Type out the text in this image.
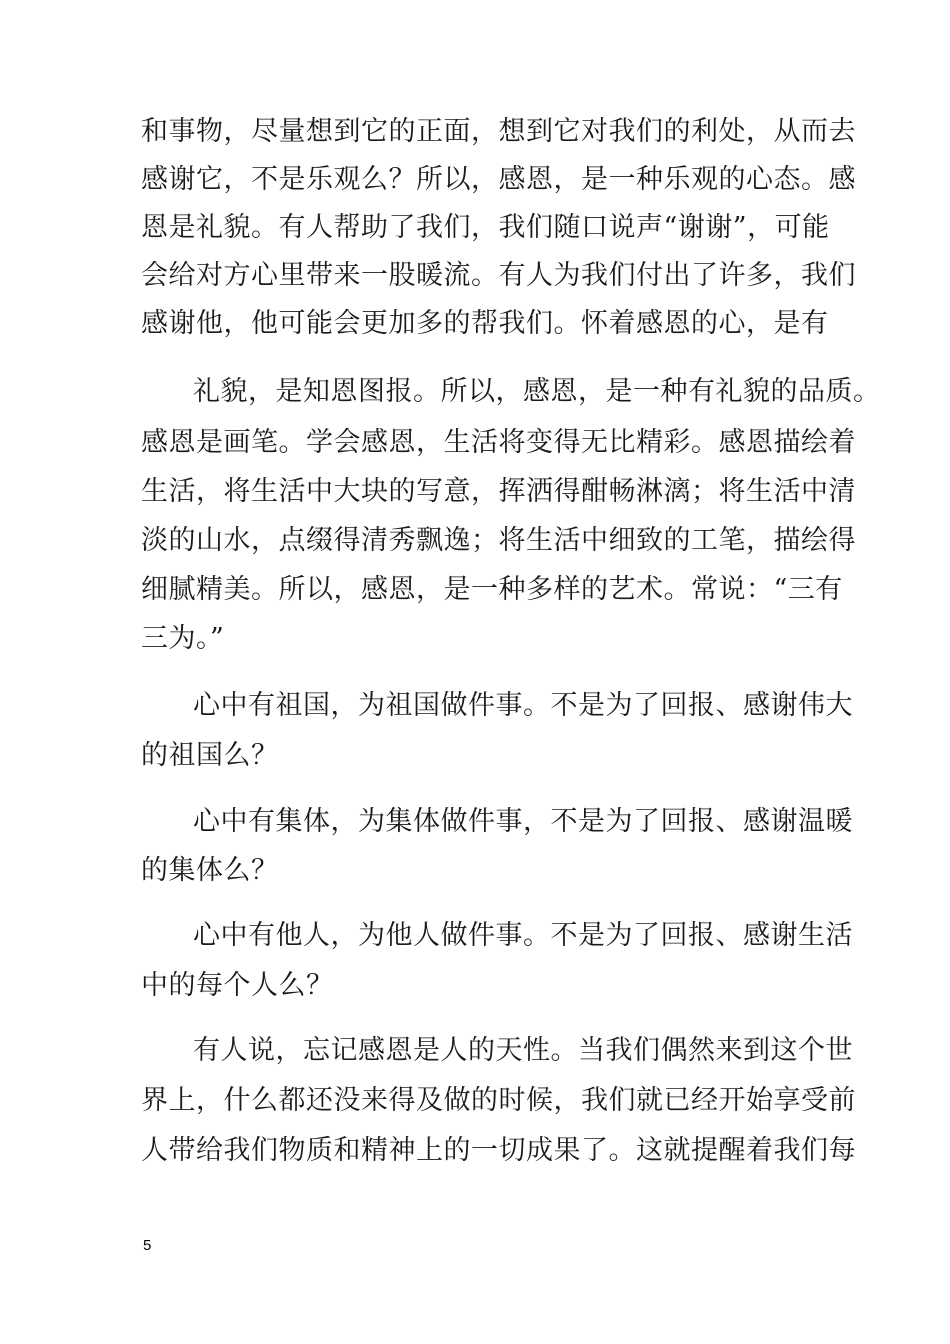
和事物，尽量想到它的正面，想到它对我们的利处，从而去
感谢它，不是乐观么？所以，感恩，是一种乐观的心态。感
恩是礼貌。有人帮助了我们，我们随口说声“谢谢”，可能
会给对方心里带来一股暖流。有人为我们付出了许多，我们
感谢他，他可能会更加多的帮我们。怀着感恩的心，是有
礼貌，是知恩图报。所以，感恩，是一种有礼貌的品质。
感恩是画笔。学会感恩，生活将变得无比精彩。感恩描绘着
生活，将生活中大块的写意，挥洒得酣畅淋漓；将生活中清
淡的山水，点缀得清秀飘逸；将生活中细致的工笔，描绘得
细腻精美。所以，感恩，是一种多样的艺术。常说：“三有
三为。”
心中有祖国，为祖国做件事。不是为了回报、感谢伟大
的祖国么？
心中有集体，为集体做件事，不是为了回报、感谢温暖
的集体么？
心中有他人，为他人做件事。不是为了回报、感谢生活
中的每个人么？
有人说，忘记感恩是人的天性。当我们偶然来到这个世
界上，什么都还没来得及做的时候，我们就已经开始享受前
人带给我们物质和精神上的一切成果了。这就提醒着我们每
5
